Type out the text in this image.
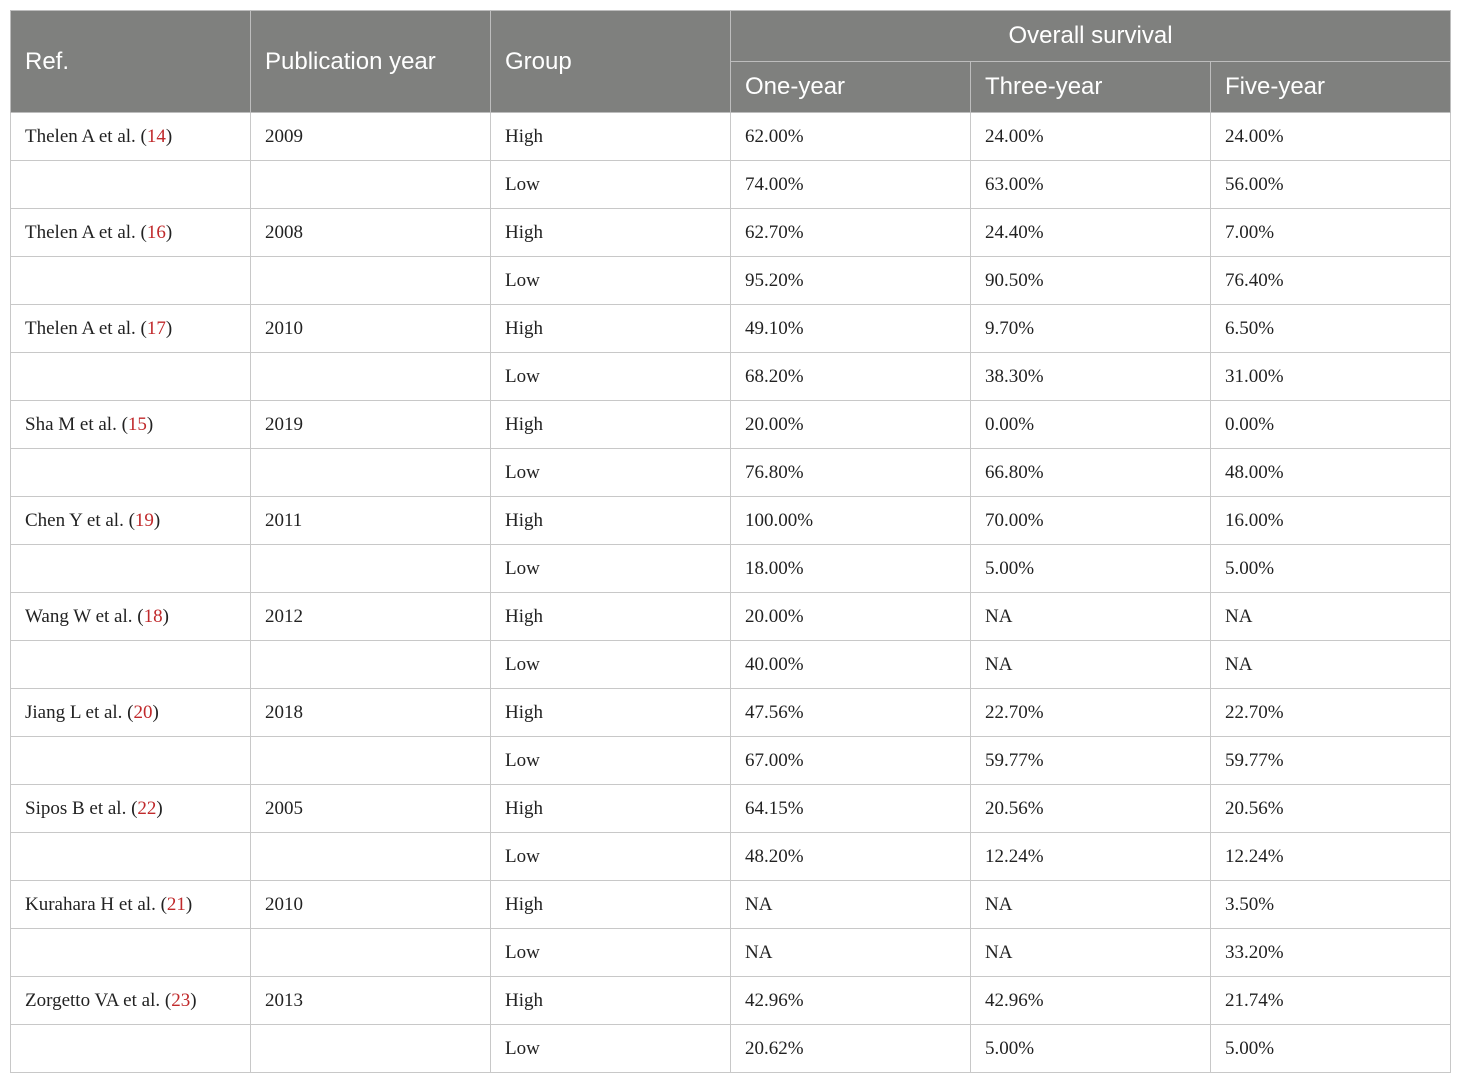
Ref.	Publication year	Group	Overall survival		
			One-year	Three-year	Five-year
Thelen A et al. (14)	2009	High	62.00%	24.00%	24.00%
		Low	74.00%	63.00%	56.00%
Thelen A et al. (16)	2008	High	62.70%	24.40%	7.00%
		Low	95.20%	90.50%	76.40%
Thelen A et al. (17)	2010	High	49.10%	9.70%	6.50%
		Low	68.20%	38.30%	31.00%
Sha M et al. (15)	2019	High	20.00%	0.00%	0.00%
		Low	76.80%	66.80%	48.00%
Chen Y et al. (19)	2011	High	100.00%	70.00%	16.00%
		Low	18.00%	5.00%	5.00%
Wang W et al. (18)	2012	High	20.00%	NA	NA
		Low	40.00%	NA	NA
Jiang L et al. (20)	2018	High	47.56%	22.70%	22.70%
		Low	67.00%	59.77%	59.77%
Sipos B et al. (22)	2005	High	64.15%	20.56%	20.56%
		Low	48.20%	12.24%	12.24%
Kurahara H et al. (21)	2010	High	NA	NA	3.50%
		Low	NA	NA	33.20%
Zorgetto VA et al. (23)	2013	High	42.96%	42.96%	21.74%
		Low	20.62%	5.00%	5.00%
